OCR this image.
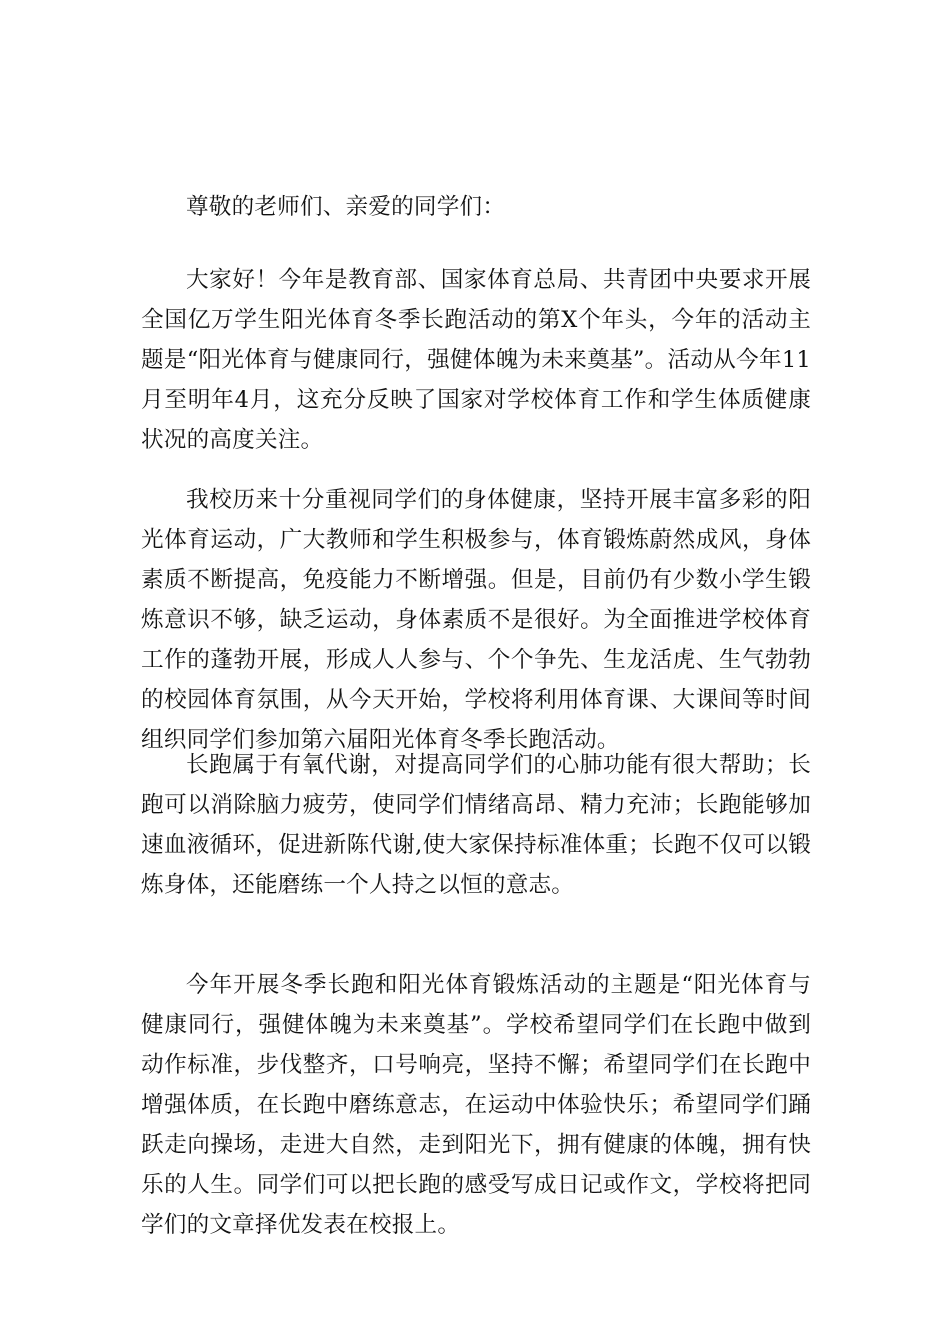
尊敬的老师们、亲爱的同学们：

大家好！今年是教育部、国家体育总局、共青团中央要求开展全国亿万学生阳光体育冬季长跑活动的第X个年头，今年的活动主题是“阳光体育与健康同行，强健体魄为未来奠基”。活动从今年11月至明年4月，这充分反映了国家对学校体育工作和学生体质健康状况的高度关注。

我校历来十分重视同学们的身体健康，坚持开展丰富多彩的阳光体育运动，广大教师和学生积极参与，体育锻炼蔚然成风，身体素质不断提高，免疫能力不断增强。但是，目前仍有少数小学生锻炼意识不够，缺乏运动，身体素质不是很好。为全面推进学校体育工作的蓬勃开展，形成人人参与、个个争先、生龙活虎、生气勃勃的校园体育氛围，从今天开始，学校将利用体育课、大课间等时间组织同学们参加第六届阳光体育冬季长跑活动。

长跑属于有氧代谢，对提高同学们的心肺功能有很大帮助；长跑可以消除脑力疲劳，使同学们情绪高昂、精力充沛；长跑能够加速血液循环，促进新陈代谢,使大家保持标准体重；长跑不仅可以锻炼身体，还能磨练一个人持之以恒的意志。

今年开展冬季长跑和阳光体育锻炼活动的主题是“阳光体育与健康同行，强健体魄为未来奠基”。学校希望同学们在长跑中做到动作标准，步伐整齐，口号响亮，坚持不懈；希望同学们在长跑中增强体质，在长跑中磨练意志，在运动中体验快乐；希望同学们踊跃走向操场，走进大自然，走到阳光下，拥有健康的体魄，拥有快乐的人生。同学们可以把长跑的感受写成日记或作文，学校将把同学们的文章择优发表在校报上。
